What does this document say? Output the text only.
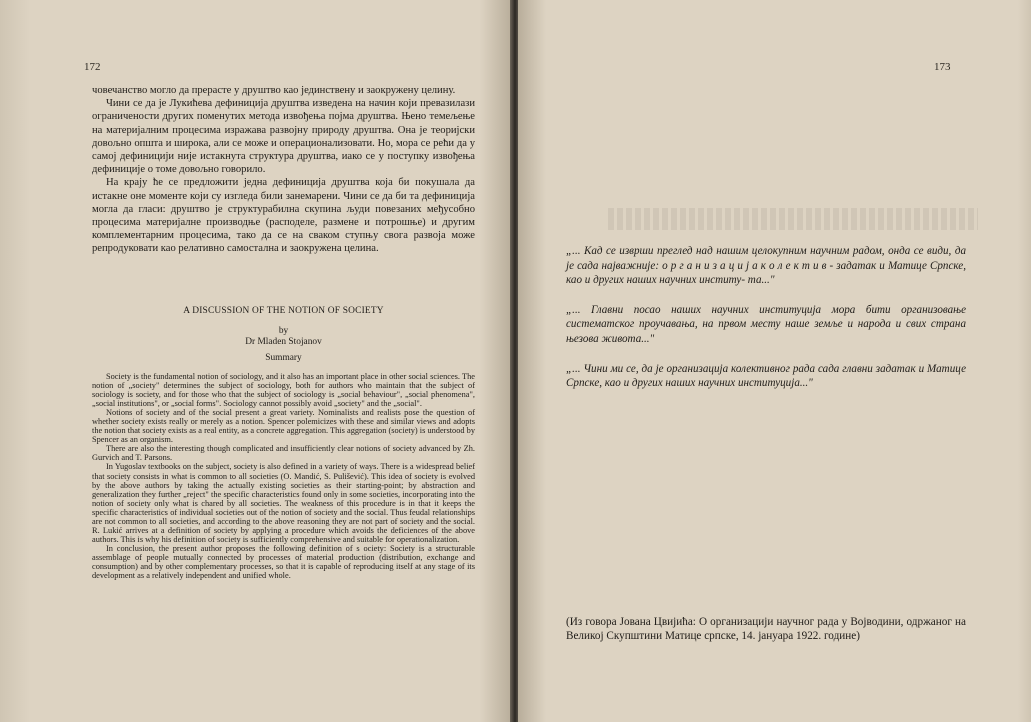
172

човечанство могло да прерасте у друштво као јединствену и заокружену целину.

Чини се да је Лукићева дефиниција друштва изведена на начин који превазилази ограничености других поменутих метода извођења појма друштва. Њено темељење на материјалним процесима изражава развојну природу друштва. Она је теоријски довољно општа и широка, али се може и операционализовати. Но, мора се рећи да у самој дефиницији није истакнута структура друштва, иако се у поступку извођења дефиниције о томе довољно говорило.

На крају ће се предложити једна дефиниција друштва која би покушала да истакне оне моменте који су изгледа били занемарени. Чини се да би та дефиниција могла да гласи: друштво је структурабилна скупина људи повезаних међусобно процесима материјалне производње (расподеле, размене и потрошње) и другим комплементарним процесима, тако да се на сваком ступњу свога развоја може репродуковати као релативно самостална и заокружена целина.

A DISCUSSION OF THE NOTION OF SOCIETY
by
Dr Mladen Stojanov
Summary

Society is the fundamental notion of sociology, and it also has an important place in other social sciences. The notion of „society" determines the subject of sociology, both for authors who maintain that the subject of sociology is society, and for those who that the subject of sociology is „social behaviour", „social phenomena", „social institutions", or „social forms". Sociology cannot possibly avoid „society" and the „social".

Notions of society and of the social present a great variety. Nominalists and realists pose the question of whether society exists really or merely as a notion. Spencer polemicizes with these and similar views and adopts the notion that society exists as a real entity, as a concrete aggregation. This aggregation (society) is understood by Spencer as an organism.

There are also the interesting though complicated and insufficiently clear notions of society advanced by Zh. Gurvich and T. Parsons.

In Yugoslav textbooks on the subject, society is also defined in a variety of ways. There is a widespread belief that society consists in what is common to all societies (O. Mandić, S. Pulišević). This idea of society is evolved by the above authors by taking the actually existing societies as their starting-point; by abstraction and generalization they further „reject" the specific characteristics found only in some societies, incorporating into the notion of society only what is chared by all societies. The weakness of this procedure is in that it keeps the specific characteristics of individual societies out of the notion of society and the social. Thus feudal relationships are not common to all societies, and according to the above reasoning they are not part of society and the social. R. Lukić arrives at a definition of society by applying a procedure which avoids the deficiences of the above authors. This is why his definition of society is sufficiently comprehensive and suitable for operationalization.

In conclusion, the present author proposes the following definition of s ociety: Society is a structurable assemblage of people mutually connected by processes of material production (distribution, exchange and consumption) and by other complementary processes, so that it is capable of reproducing itself at any stage of its development as a relatively independent and unified whole.

173

„... Кад се изврши преглед над нашим целокупним научним радом, онда се види, да је сада најважније: о р г а н и з а ц и ј а к о л е к т и в - задатак и Матице Српске, као и других наших научних институ- та..."

„... Главни посао наших научних институција мора бити организовање систематског проучавања, на првом месту наше земље и народа и свих страна њезова живота..."

„... Чини ми се, да је организација колективног рада сада главни задатак и Матице Српске, као и других наших научних институција..."

(Из говора Јована Цвијића: О организацији научног рада у Војводини, одржаног на Великој Скупштини Матице српске, 14. јануара 1922. године)
